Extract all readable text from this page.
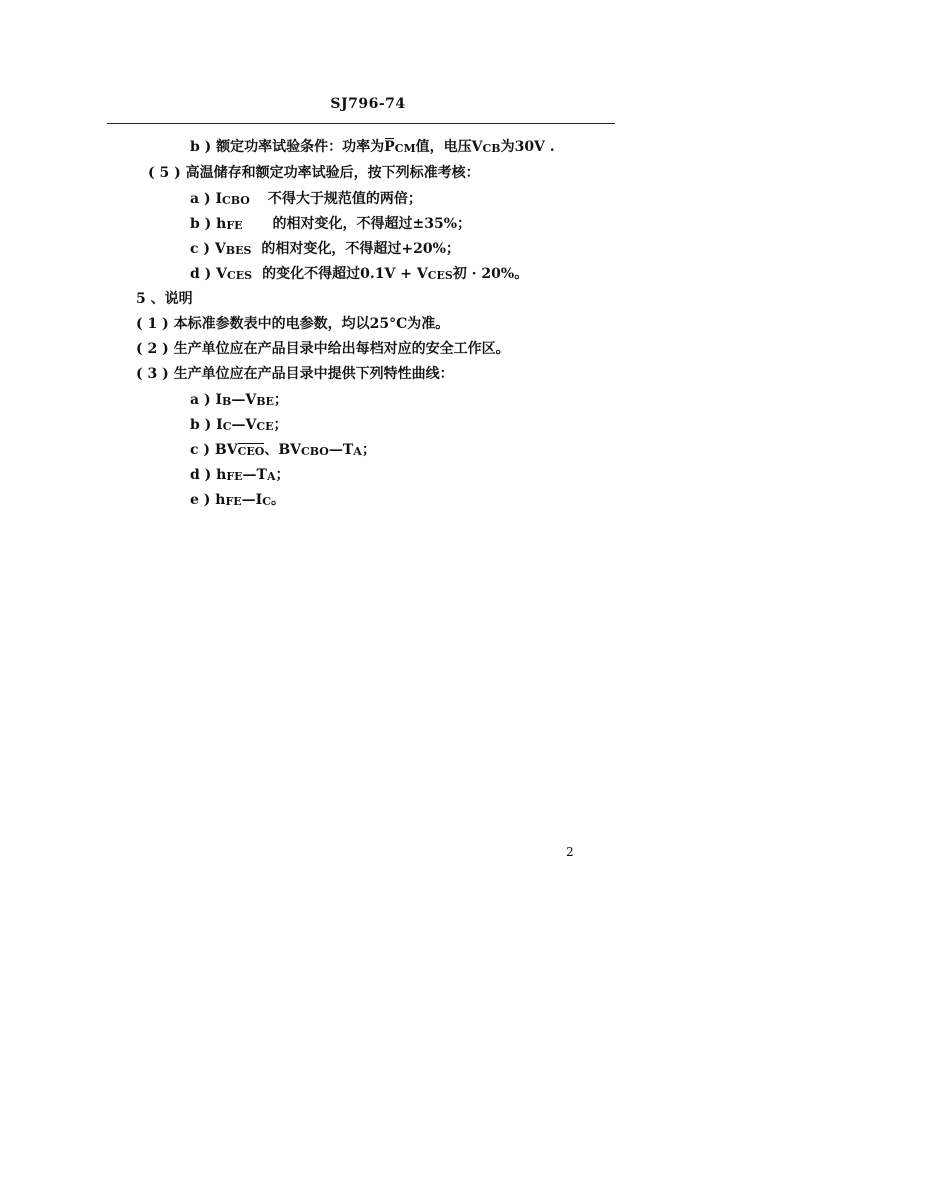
SJ796-74
b ) 额定功率试验条件：功率为
PCM值，电压VCB为30V .
( 5 ) 高温储存和额定功率试验后，按下列标准考核：
a ) ICBO 不得大于规范值的两倍；
b ) hFE 的相对变化，不得超过±35%；
c ) VBES 的相对变化，不得超过+20%；
d ) VCES 的变化不得超过0.1V + VCES初 · 20%。
5 、说明
( 1 ) 本标准参数表中的电参数，均以25°C为准。
( 2 ) 生产单位应在产品目录中给出每档对应的安全工作区。
( 3 ) 生产单位应在产品目录中提供下列特性曲线：
a ) IB—VBE；
b ) IC—VCE；
c ) BV
CEO、BVCBO—TA；
d ) hFE—TA；
e ) hFE—IC。
2
